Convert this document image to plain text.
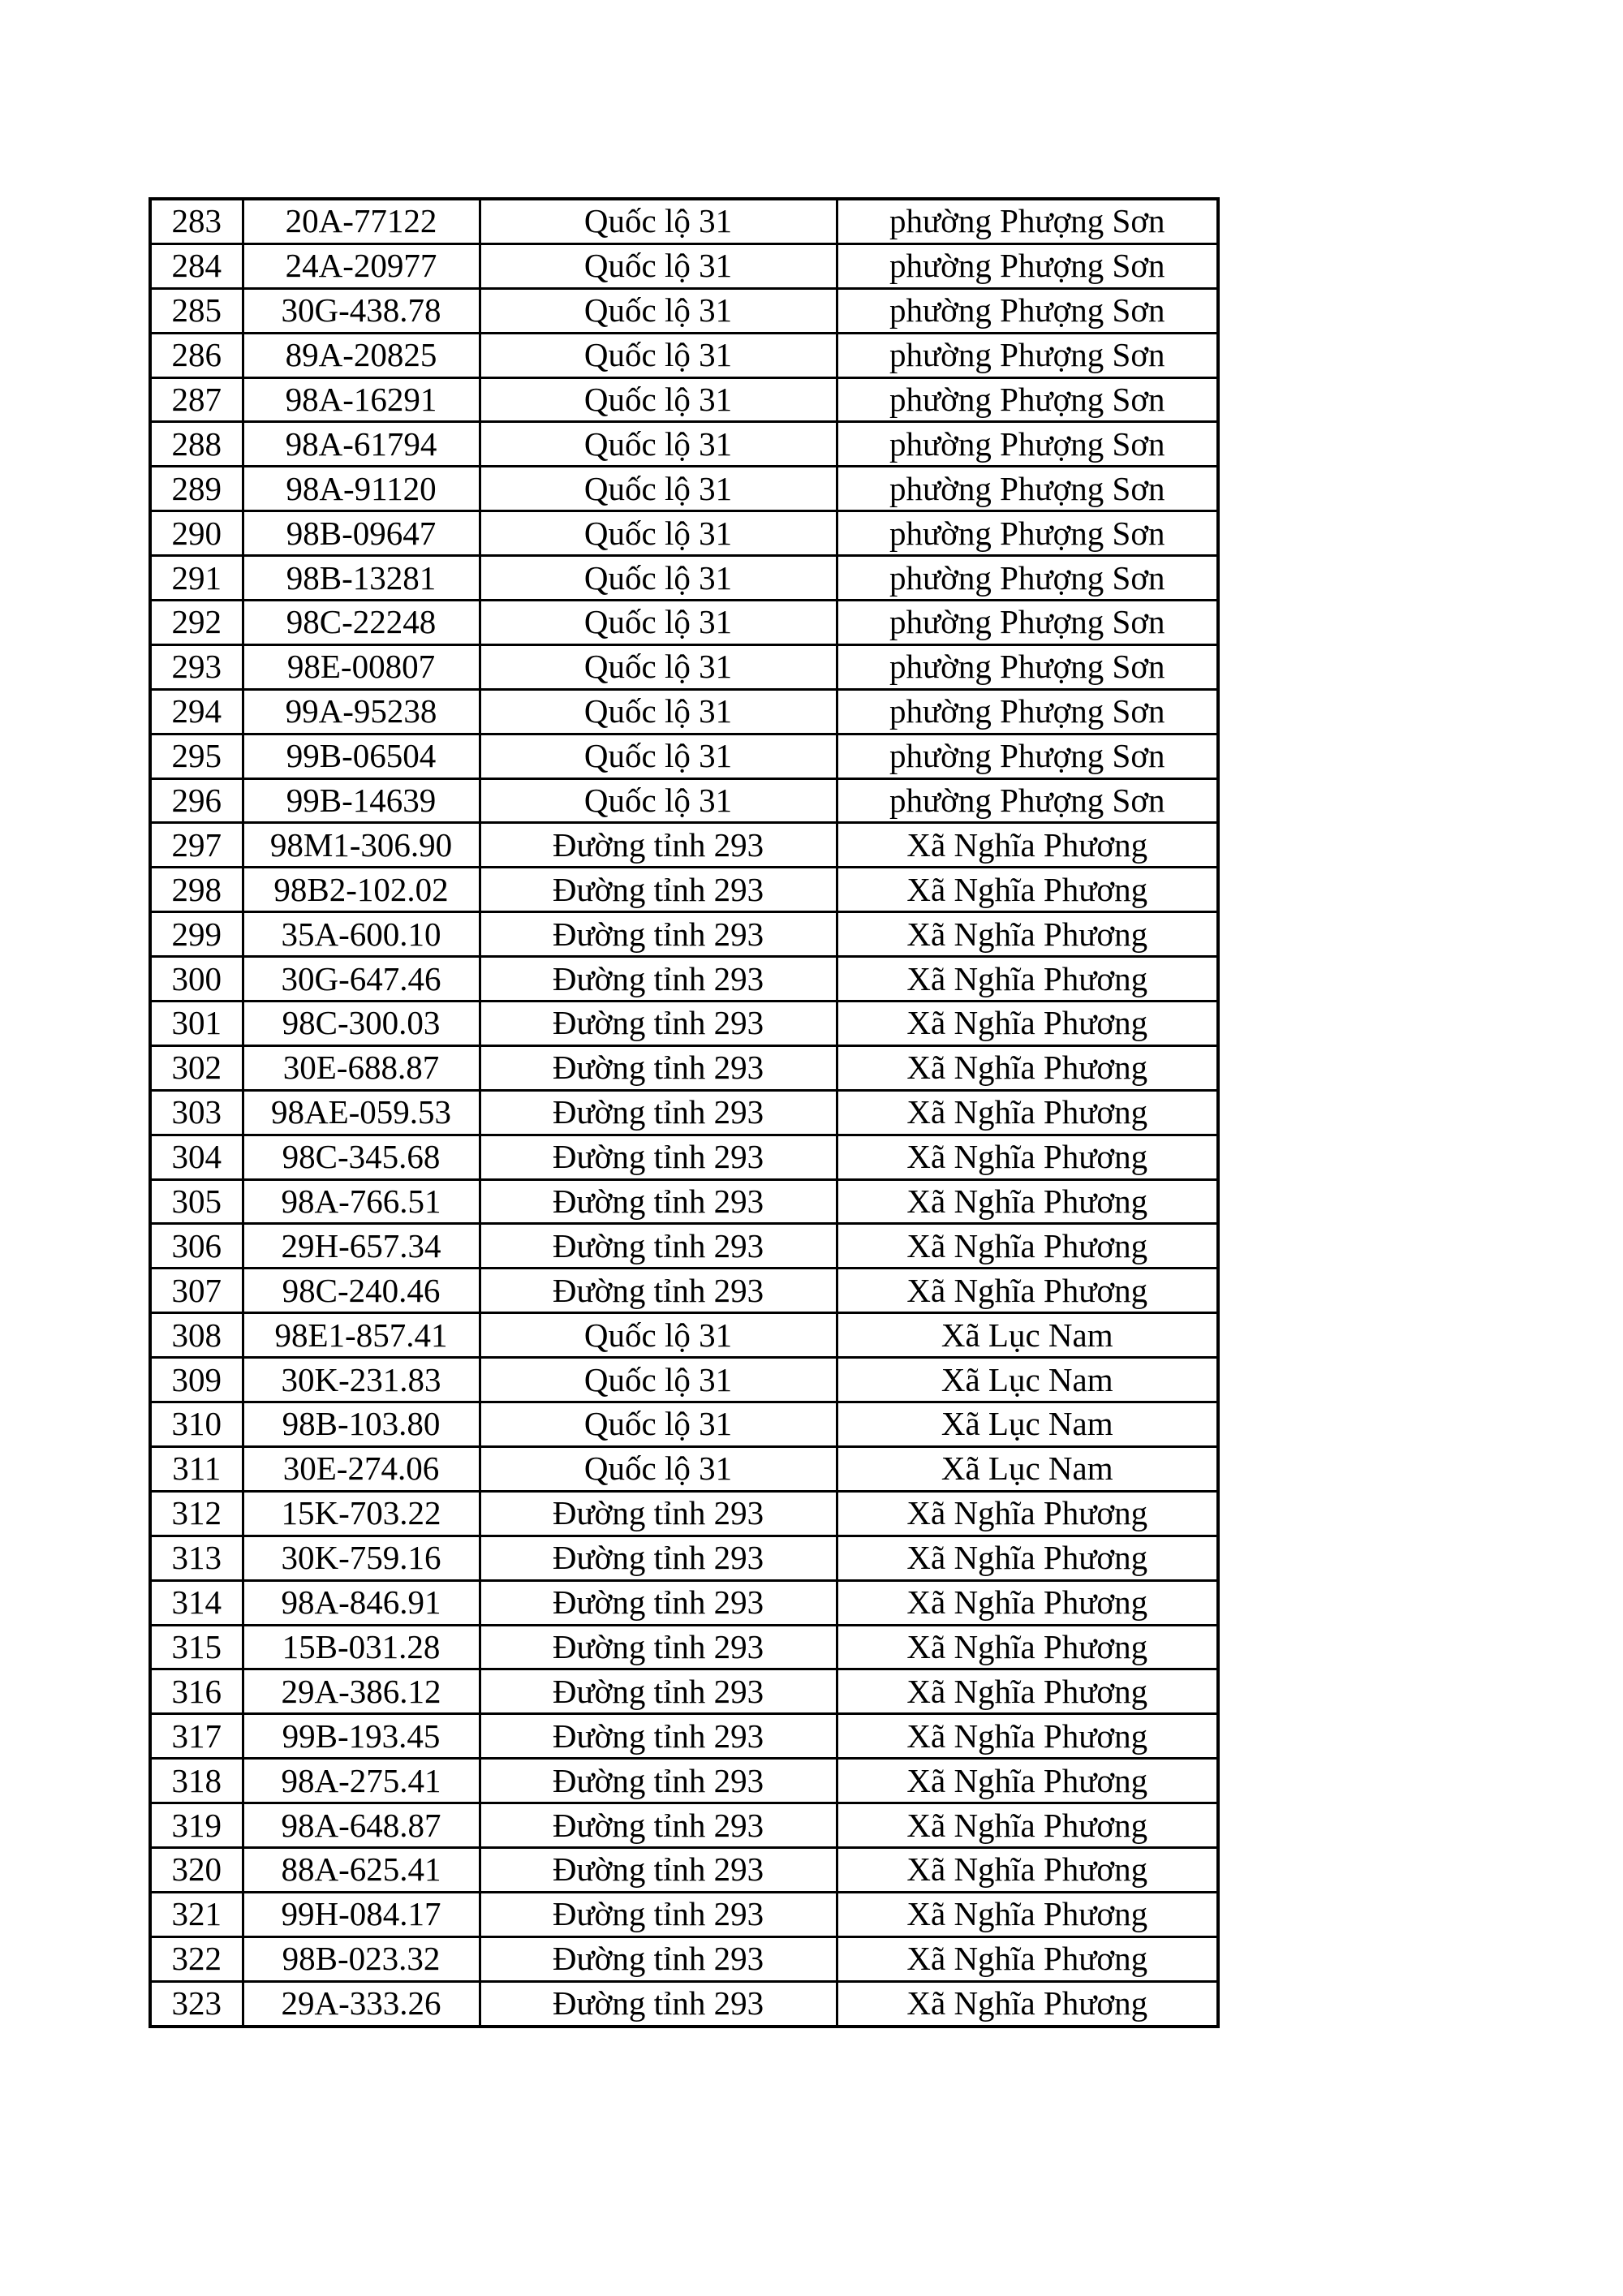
283	20A-77122	Quốc lộ 31	phường Phượng Sơn
284	24A-20977	Quốc lộ 31	phường Phượng Sơn
285	30G-438.78	Quốc lộ 31	phường Phượng Sơn
286	89A-20825	Quốc lộ 31	phường Phượng Sơn
287	98A-16291	Quốc lộ 31	phường Phượng Sơn
288	98A-61794	Quốc lộ 31	phường Phượng Sơn
289	98A-91120	Quốc lộ 31	phường Phượng Sơn
290	98B-09647	Quốc lộ 31	phường Phượng Sơn
291	98B-13281	Quốc lộ 31	phường Phượng Sơn
292	98C-22248	Quốc lộ 31	phường Phượng Sơn
293	98E-00807	Quốc lộ 31	phường Phượng Sơn
294	99A-95238	Quốc lộ 31	phường Phượng Sơn
295	99B-06504	Quốc lộ 31	phường Phượng Sơn
296	99B-14639	Quốc lộ 31	phường Phượng Sơn
297	98M1-306.90	Đường tỉnh 293	Xã Nghĩa Phương
298	98B2-102.02	Đường tỉnh 293	Xã Nghĩa Phương
299	35A-600.10	Đường tỉnh 293	Xã Nghĩa Phương
300	30G-647.46	Đường tỉnh 293	Xã Nghĩa Phương
301	98C-300.03	Đường tỉnh 293	Xã Nghĩa Phương
302	30E-688.87	Đường tỉnh 293	Xã Nghĩa Phương
303	98AE-059.53	Đường tỉnh 293	Xã Nghĩa Phương
304	98C-345.68	Đường tỉnh 293	Xã Nghĩa Phương
305	98A-766.51	Đường tỉnh 293	Xã Nghĩa Phương
306	29H-657.34	Đường tỉnh 293	Xã Nghĩa Phương
307	98C-240.46	Đường tỉnh 293	Xã Nghĩa Phương
308	98E1-857.41	Quốc lộ 31	Xã Lục Nam
309	30K-231.83	Quốc lộ 31	Xã Lục Nam
310	98B-103.80	Quốc lộ 31	Xã Lục Nam
311	30E-274.06	Quốc lộ 31	Xã Lục Nam
312	15K-703.22	Đường tỉnh 293	Xã Nghĩa Phương
313	30K-759.16	Đường tỉnh 293	Xã Nghĩa Phương
314	98A-846.91	Đường tỉnh 293	Xã Nghĩa Phương
315	15B-031.28	Đường tỉnh 293	Xã Nghĩa Phương
316	29A-386.12	Đường tỉnh 293	Xã Nghĩa Phương
317	99B-193.45	Đường tỉnh 293	Xã Nghĩa Phương
318	98A-275.41	Đường tỉnh 293	Xã Nghĩa Phương
319	98A-648.87	Đường tỉnh 293	Xã Nghĩa Phương
320	88A-625.41	Đường tỉnh 293	Xã Nghĩa Phương
321	99H-084.17	Đường tỉnh 293	Xã Nghĩa Phương
322	98B-023.32	Đường tỉnh 293	Xã Nghĩa Phương
323	29A-333.26	Đường tỉnh 293	Xã Nghĩa Phương
